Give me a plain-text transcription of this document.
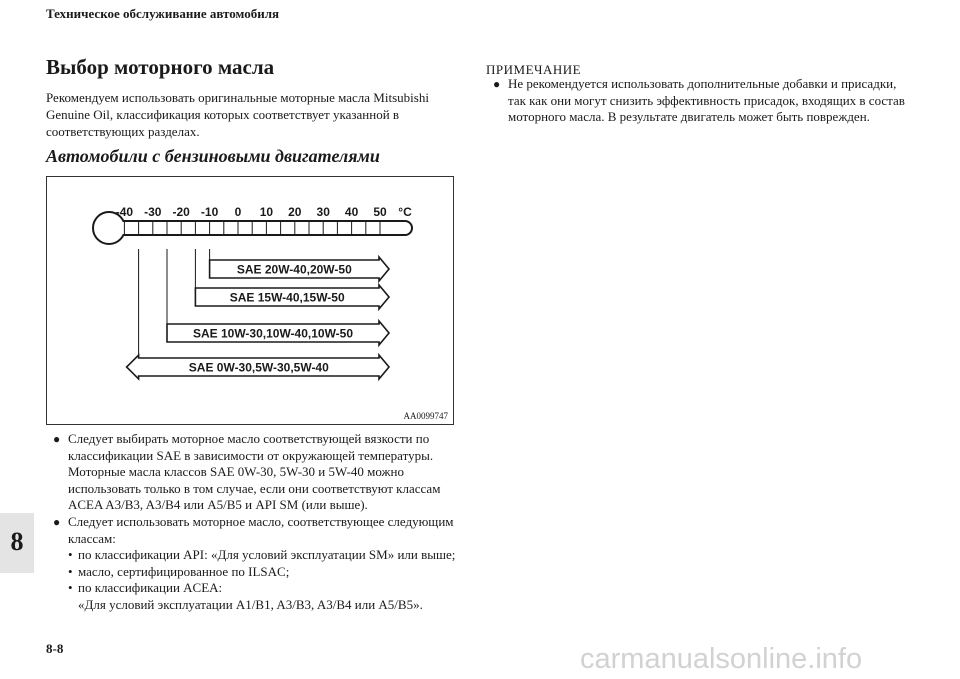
Техническое обслуживание автомобиля
Выбор моторного масла
Рекомендуем использовать оригинальные моторные масла Mitsubishi Genuine Oil, классификация которых соответствует указанной в соответствующих разделах.
Автомобили с бензиновыми двигателями
-40 -30 -20 -10 0 10 20 30 40 50 °C
SAE 20W-40,20W-50
SAE 15W-40,15W-50
SAE 10W-30,10W-40,10W-50
SAE 0W-30,5W-30,5W-40
AA0099747
● Следует выбирать моторное масло соответствующей вязкости по классификации SAE в зависимости от окружающей температуры. Моторные масла классов SAE 0W-30, 5W-30 и 5W-40 можно использовать только в том случае, если они соответствуют классам ACEA A3/B3, A3/B4 или A5/B5 и API SM (или выше).
● Следует использовать моторное масло, соответствующее следующим классам:
• по классификации API: «Для условий эксплуатации SM» или выше;
• масло, сертифицированное по ILSAC;
• по классификации ACEA:
«Для условий эксплуатации A1/B1, A3/B3, A3/B4 или A5/B5».
ПРИМЕЧАНИЕ
● Не рекомендуется использовать дополнительные добавки и присадки, так как они могут снизить эффективность присадок, входящих в состав моторного масла. В результате двигатель может быть поврежден.
8
8-8	carmanualsonline.info
